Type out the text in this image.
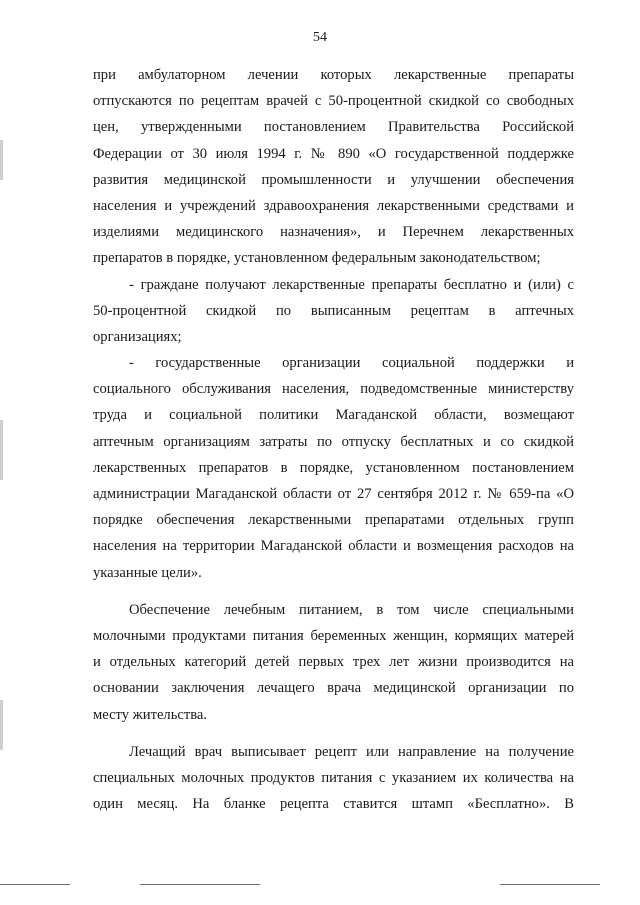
54

при амбулаторном лечении которых лекарственные препараты
отпускаются по рецептам врачей с 50-процентной скидкой со свободных
цен, утвержденными постановлением Правительства Российской
Федерации от 30 июля 1994 г. № 890 «О государственной поддержке
развития медицинской промышленности и улучшении обеспечения
населения и учреждений здравоохранения лекарственными средствами и
изделиями медицинского назначения», и Перечнем лекарственных
препаратов в порядке, установленном федеральным законодательством;

- граждане получают лекарственные препараты бесплатно и (или) с
50-процентной скидкой по выписанным рецептам в аптечных
организациях;

- государственные организации социальной поддержки и
социального обслуживания населения, подведомственные министерству
труда и социальной политики Магаданской области, возмещают
аптечным организациям затраты по отпуску бесплатных и со скидкой
лекарственных препаратов в порядке, установленном постановлением
администрации Магаданской области от 27 сентября 2012 г. № 659-па «О
порядке обеспечения лекарственными препаратами отдельных групп
населения на территории Магаданской области и возмещения расходов на
указанные цели».

Обеспечение лечебным питанием, в том числе специальными
молочными продуктами питания беременных женщин, кормящих матерей
и отдельных категорий детей первых трех лет жизни производится на
основании заключения лечащего врача медицинской организации по
месту жительства.

Лечащий врач выписывает рецепт или направление на получение
специальных молочных продуктов питания с указанием их количества на
один месяц. На бланке рецепта ставится штамп «Бесплатно». В
